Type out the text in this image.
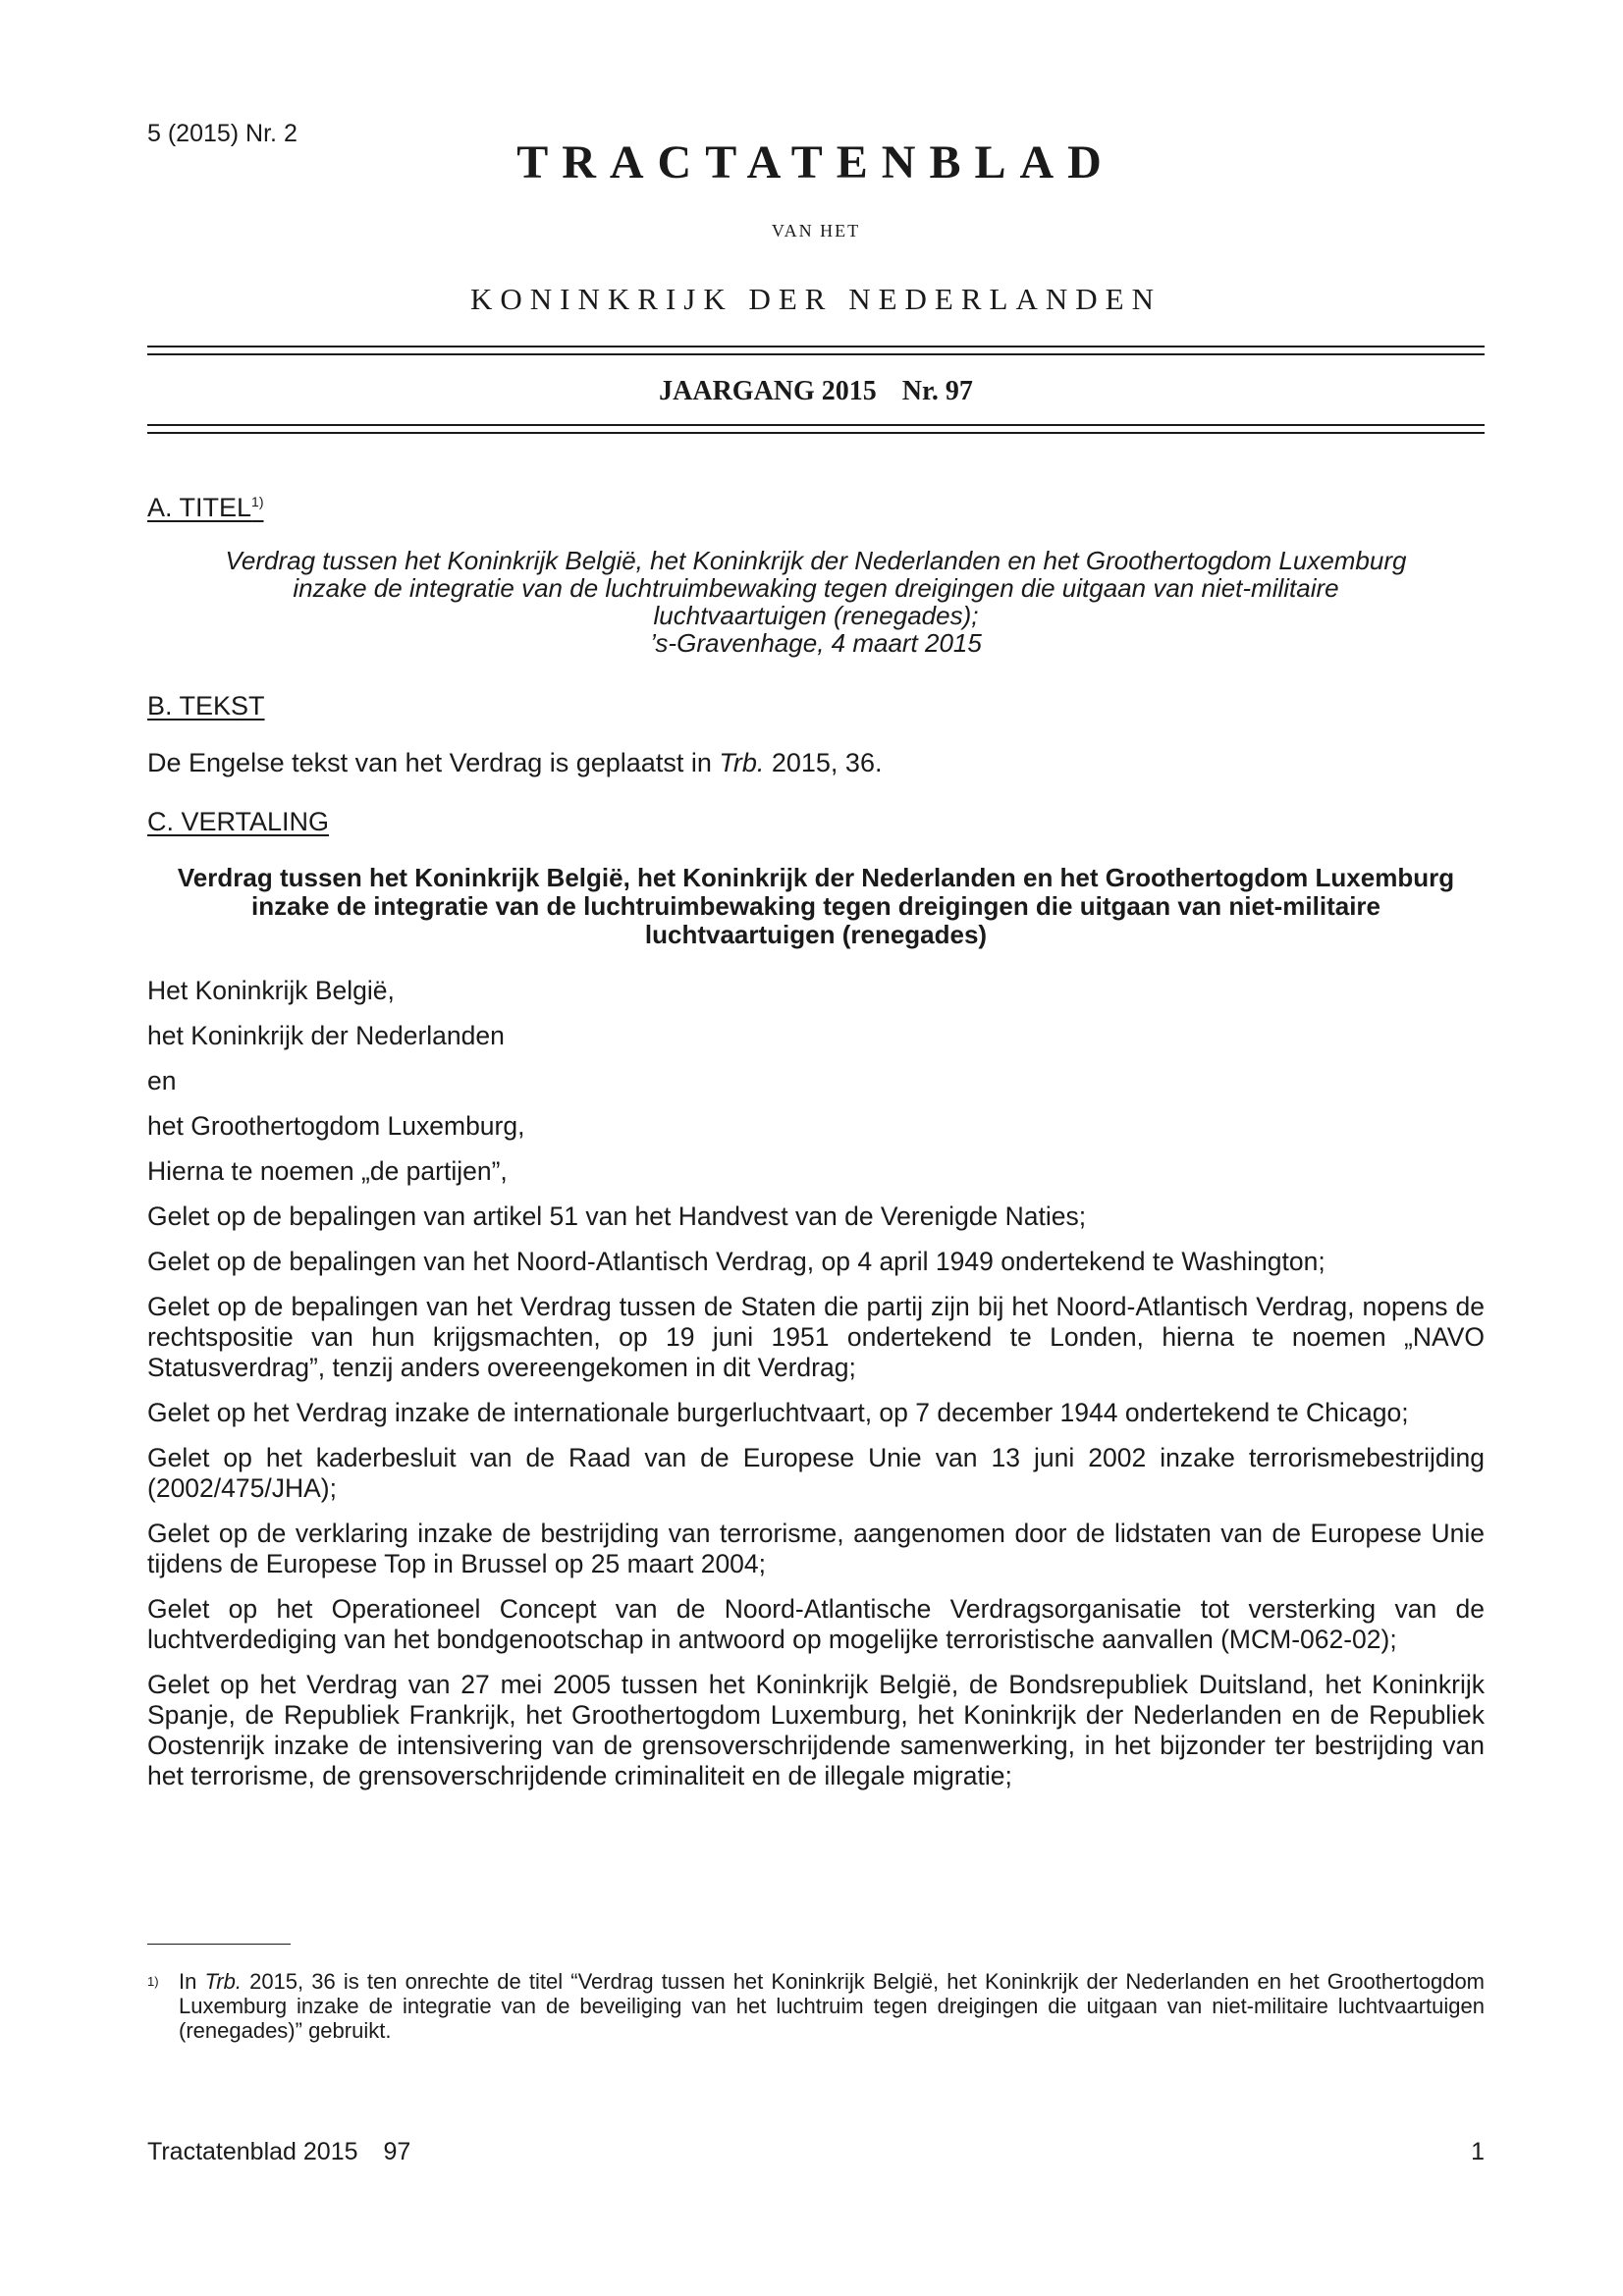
5 (2015) Nr. 2
TRACTATENBLAD
VAN HET
KONINKRIJK DER NEDERLANDEN
JAARGANG 2015 Nr. 97
A. TITEL$^{1)}$
Verdrag tussen het Koninkrijk België, het Koninkrijk der Nederlanden en het Groothertogdom Luxemburg
inzake de integratie van de luchtruimbewaking tegen dreigingen die uitgaan van niet-militaire
luchtvaartuigen (renegades);
’s-Gravenhage, 4 maart 2015
B. TEKST
De Engelse tekst van het Verdrag is geplaatst in Trb. 2015, 36.
C. VERTALING
Verdrag tussen het Koninkrijk België, het Koninkrijk der Nederlanden en het Groothertogdom Luxemburg
inzake de integratie van de luchtruimbewaking tegen dreigingen die uitgaan van niet-militaire
luchtvaartuigen (renegades)

Het Koninkrijk België,

het Koninkrijk der Nederlanden

en

het Groothertogdom Luxemburg,

Hierna te noemen „de partijen”,

Gelet op de bepalingen van artikel 51 van het Handvest van de Verenigde Naties;

Gelet op de bepalingen van het Noord-Atlantisch Verdrag, op 4 april 1949 ondertekend te Washington;

Gelet op de bepalingen van het Verdrag tussen de Staten die partij zijn bij het Noord-Atlantisch Verdrag, nopens de rechtspositie van hun krijgsmachten, op 19 juni 1951 ondertekend te Londen, hierna te noemen „NAVO Statusverdrag”, tenzij anders overeengekomen in dit Verdrag;

Gelet op het Verdrag inzake de internationale burgerluchtvaart, op 7 december 1944 ondertekend te Chicago;

Gelet op het kaderbesluit van de Raad van de Europese Unie van 13 juni 2002 inzake terrorismebestrijding (2002/475/JHA);

Gelet op de verklaring inzake de bestrijding van terrorisme, aangenomen door de lidstaten van de Europese Unie tijdens de Europese Top in Brussel op 25 maart 2004;

Gelet op het Operationeel Concept van de Noord-Atlantische Verdragsorganisatie tot versterking van de luchtverdediging van het bondgenootschap in antwoord op mogelijke terroristische aanvallen (MCM-062-02);

Gelet op het Verdrag van 27 mei 2005 tussen het Koninkrijk België, de Bondsrepubliek Duitsland, het Koninkrijk Spanje, de Republiek Frankrijk, het Groothertogdom Luxemburg, het Koninkrijk der Nederlanden en de Republiek Oostenrijk inzake de intensivering van de grensoverschrijdende samenwerking, in het bijzonder ter bestrijding van het terrorisme, de grensoverschrijdende criminaliteit en de illegale migratie;

1) In Trb. 2015, 36 is ten onrechte de titel “Verdrag tussen het Koninkrijk België, het Koninkrijk der Nederlanden en het Groothertogdom Luxemburg inzake de integratie van de beveiliging van het luchtruim tegen dreigingen die uitgaan van niet-militaire luchtvaartuigen (renegades)” gebruikt.
Tractatenblad 2015 97	1
